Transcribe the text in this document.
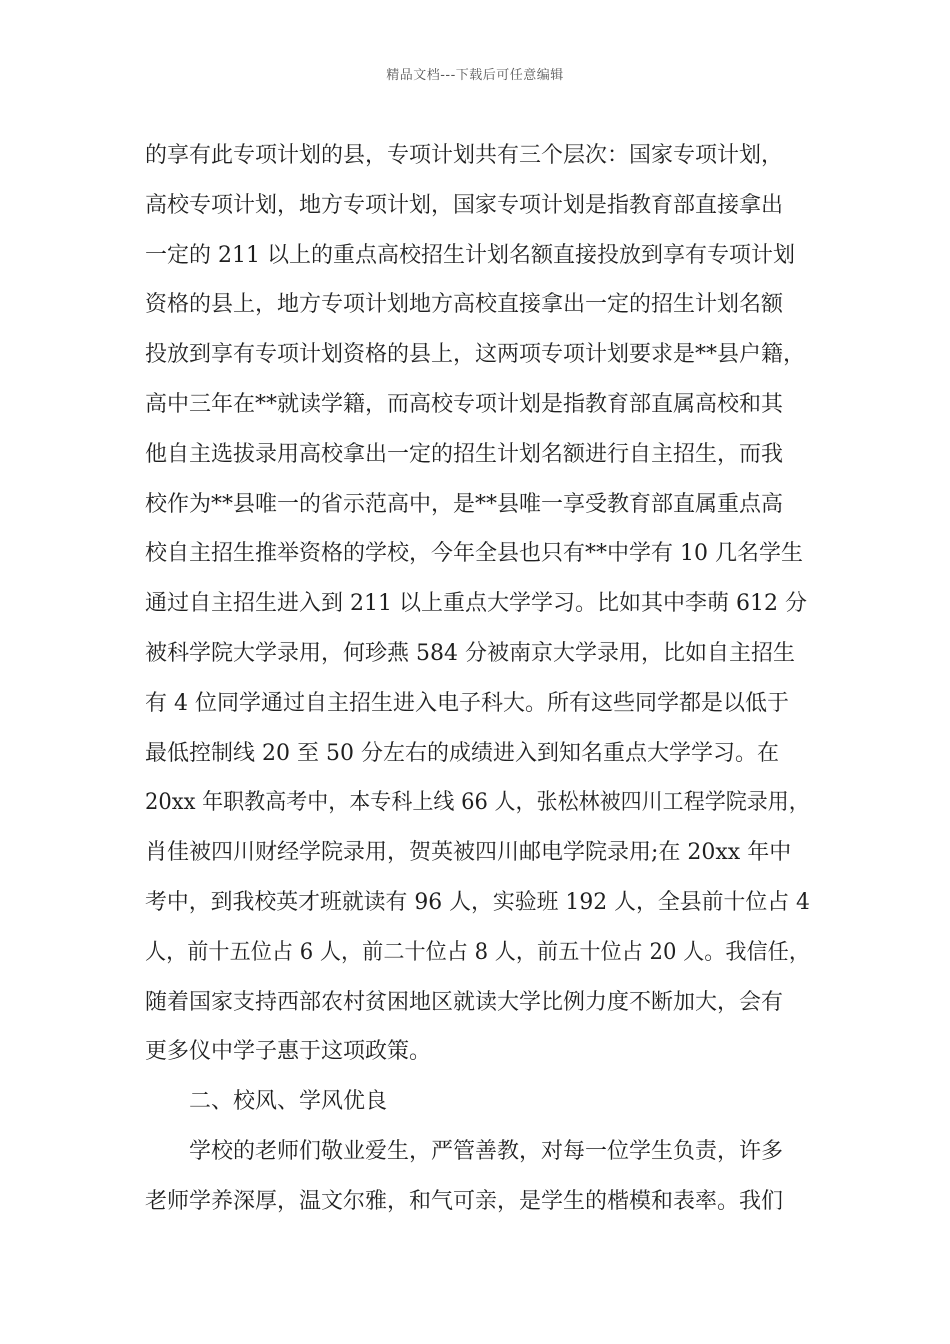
精品文档---下载后可任意编辑
的享有此专项计划的县，专项计划共有三个层次：国家专项计划，
高校专项计划，地方专项计划，国家专项计划是指教育部直接拿出
一定的 211 以上的重点高校招生计划名额直接投放到享有专项计划
资格的县上，地方专项计划地方高校直接拿出一定的招生计划名额
投放到享有专项计划资格的县上，这两项专项计划要求是**县户籍，
高中三年在**就读学籍，而高校专项计划是指教育部直属高校和其
他自主选拔录用高校拿出一定的招生计划名额进行自主招生，而我
校作为**县唯一的省示范高中，是**县唯一享受教育部直属重点高
校自主招生推举资格的学校，今年全县也只有**中学有 10 几名学生
通过自主招生进入到 211 以上重点大学学习。比如其中李萌 612 分
被科学院大学录用，何珍燕 584 分被南京大学录用，比如自主招生
有 4 位同学通过自主招生进入电子科大。所有这些同学都是以低于
最低控制线 20 至 50 分左右的成绩进入到知名重点大学学习。在
20xx 年职教高考中，本专科上线 66 人，张松林被四川工程学院录用，
肖佳被四川财经学院录用，贺英被四川邮电学院录用;在 20xx 年中
考中，到我校英才班就读有 96 人，实验班 192 人，全县前十位占 4
人，前十五位占 6 人，前二十位占 8 人，前五十位占 20 人。我信任，
随着国家支持西部农村贫困地区就读大学比例力度不断加大，会有
更多仪中学子惠于这项政策。
二、校风、学风优良
学校的老师们敬业爱生，严管善教，对每一位学生负责，许多
老师学养深厚，温文尔雅，和气可亲，是学生的楷模和表率。我们
